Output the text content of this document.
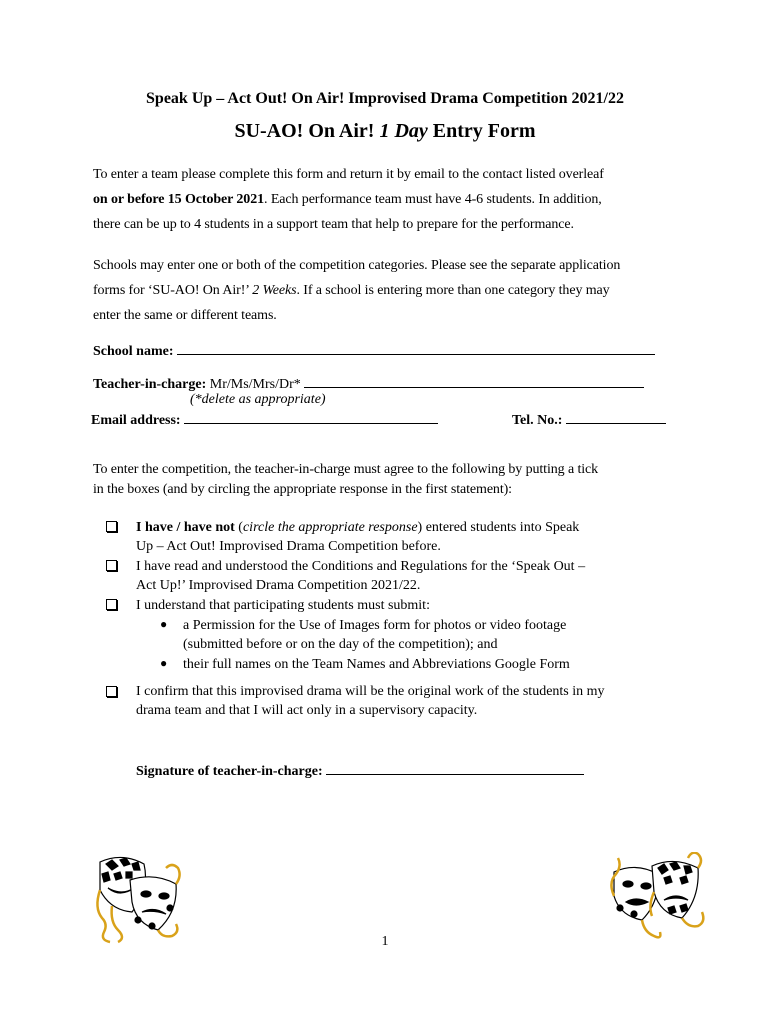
Speak Up – Act Out! On Air! Improvised Drama Competition 2021/22
SU-AO! On Air! 1 Day Entry Form
To enter a team please complete this form and return it by email to the contact listed overleaf
on or before 15 October 2021. Each performance team must have 4-6 students. In addition,
there can be up to 4 students in a support team that help to prepare for the performance.
Schools may enter one or both of the competition categories. Please see the separate application
forms for ‘SU-AO! On Air!’ 2 Weeks. If a school is entering more than one category they may
enter the same or different teams.
School name:
Teacher-in-charge: Mr/Ms/Mrs/Dr*
(*delete as appropriate)
Email address:	Tel. No.:
To enter the competition, the teacher-in-charge must agree to the following by putting a tick
in the boxes (and by circling the appropriate response in the first statement):
I have / have not (circle the appropriate response) entered students into Speak
Up – Act Out! Improvised Drama Competition before.
I have read and understood the Conditions and Regulations for the ‘Speak Out –
Act Up!’ Improvised Drama Competition 2021/22.
I understand that participating students must submit:
● a Permission for the Use of Images form for photos or video footage
(submitted before or on the day of the competition); and
● their full names on the Team Names and Abbreviations Google Form
I confirm that this improvised drama will be the original work of the students in my
drama team and that I will act only in a supervisory capacity.
Signature of teacher-in-charge:
1
